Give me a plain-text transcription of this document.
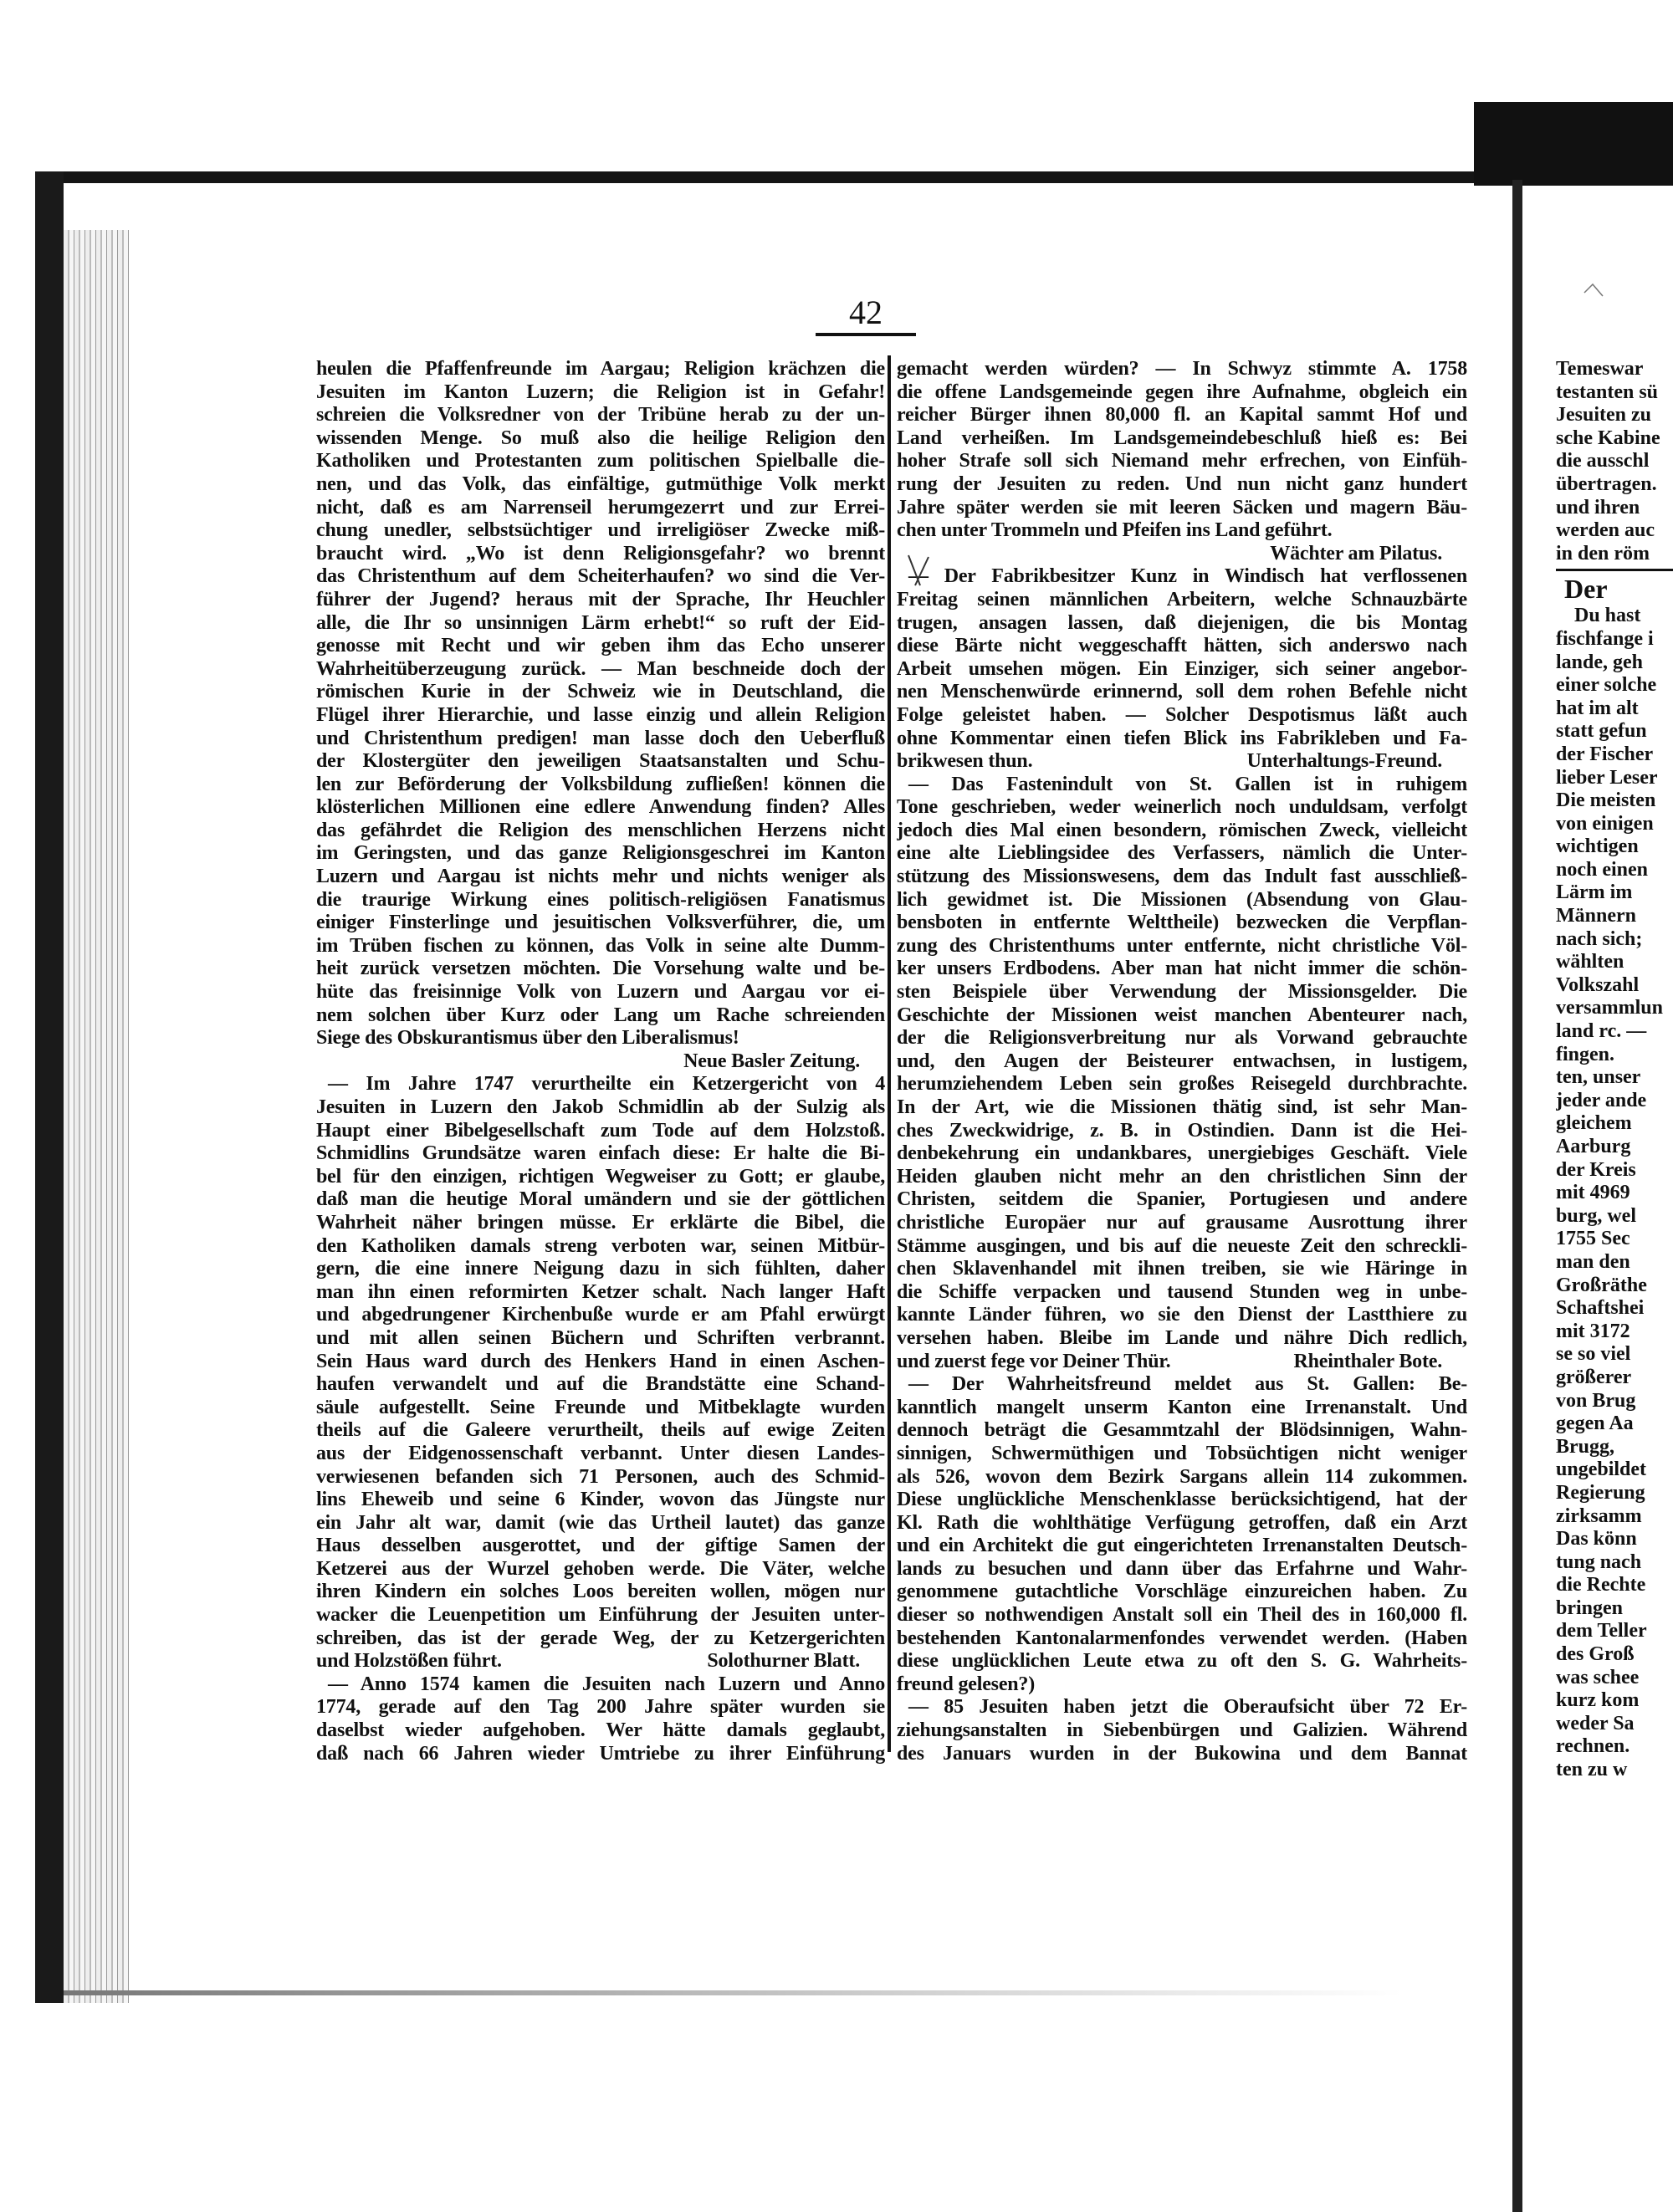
42
heulen die Pfaffenfreunde im Aargau; Religion krächzen die
Jesuiten im Kanton Luzern; die Religion ist in Gefahr!
schreien die Volksredner von der Tribüne herab zu der un-
wissenden Menge. So muß also die heilige Religion den
Katholiken und Protestanten zum politischen Spielballe die-
nen, und das Volk, das einfältige, gutmüthige Volk merkt
nicht, daß es am Narrenseil herumgezerrt und zur Errei-
chung unedler, selbstsüchtiger und irreligiöser Zwecke miß-
braucht wird. „Wo ist denn Religionsgefahr? wo brennt
das Christenthum auf dem Scheiterhaufen? wo sind die Ver-
führer der Jugend? heraus mit der Sprache, Ihr Heuchler
alle, die Ihr so unsinnigen Lärm erhebt!“ so ruft der Eid-
genosse mit Recht und wir geben ihm das Echo unserer
Wahrheitüberzeugung zurück. — Man beschneide doch der
römischen Kurie in der Schweiz wie in Deutschland, die
Flügel ihrer Hierarchie, und lasse einzig und allein Religion
und Christenthum predigen! man lasse doch den Ueberfluß
der Klostergüter den jeweiligen Staatsanstalten und Schu-
len zur Beförderung der Volksbildung zufließen! können die
klösterlichen Millionen eine edlere Anwendung finden? Alles
das gefährdet die Religion des menschlichen Herzens nicht
im Geringsten, und das ganze Religionsgeschrei im Kanton
Luzern und Aargau ist nichts mehr und nichts weniger als
die traurige Wirkung eines politisch-religiösen Fanatismus
einiger Finsterlinge und jesuitischen Volksverführer, die, um
im Trüben fischen zu können, das Volk in seine alte Dumm-
heit zurück versetzen möchten. Die Vorsehung walte und be-
hüte das freisinnige Volk von Luzern und Aargau vor ei-
nem solchen über Kurz oder Lang um Rache schreienden
Siege des Obskurantismus über den Liberalismus!
Neue Basler Zeitung.
— Im Jahre 1747 verurtheilte ein Ketzergericht von 4
Jesuiten in Luzern den Jakob Schmidlin ab der Sulzig als
Haupt einer Bibelgesellschaft zum Tode auf dem Holzstoß.
Schmidlins Grundsätze waren einfach diese: Er halte die Bi-
bel für den einzigen, richtigen Wegweiser zu Gott; er glaube,
daß man die heutige Moral umändern und sie der göttlichen
Wahrheit näher bringen müsse. Er erklärte die Bibel, die
den Katholiken damals streng verboten war, seinen Mitbür-
gern, die eine innere Neigung dazu in sich fühlten, daher
man ihn einen reformirten Ketzer schalt. Nach langer Haft
und abgedrungener Kirchenbuße wurde er am Pfahl erwürgt
und mit allen seinen Büchern und Schriften verbrannt.
Sein Haus ward durch des Henkers Hand in einen Aschen-
haufen verwandelt und auf die Brandstätte eine Schand-
säule aufgestellt. Seine Freunde und Mitbeklagte wurden
theils auf die Galeere verurtheilt, theils auf ewige Zeiten
aus der Eidgenossenschaft verbannt. Unter diesen Landes-
verwiesenen befanden sich 71 Personen, auch des Schmid-
lins Eheweib und seine 6 Kinder, wovon das Jüngste nur
ein Jahr alt war, damit (wie das Urtheil lautet) das ganze
Haus desselben ausgerottet, und der giftige Samen der
Ketzerei aus der Wurzel gehoben werde. Die Väter, welche
ihren Kindern ein solches Loos bereiten wollen, mögen nur
wacker die Leuenpetition um Einführung der Jesuiten unter-
schreiben, das ist der gerade Weg, der zu Ketzergerichten
Solothurner Blatt.
und Holzstößen führt.
— Anno 1574 kamen die Jesuiten nach Luzern und Anno
1774, gerade auf den Tag 200 Jahre später wurden sie
daselbst wieder aufgehoben. Wer hätte damals geglaubt,
daß nach 66 Jahren wieder Umtriebe zu ihrer Einführung
gemacht werden würden? — In Schwyz stimmte A. 1758
die offene Landsgemeinde gegen ihre Aufnahme, obgleich ein
reicher Bürger ihnen 80,000 fl. an Kapital sammt Hof und
Land verheißen. Im Landsgemeindebeschluß hieß es: Bei
hoher Strafe soll sich Niemand mehr erfrechen, von Einfüh-
rung der Jesuiten zu reden. Und nun nicht ganz hundert
Jahre später werden sie mit leeren Säcken und magern Bäu-
chen unter Trommeln und Pfeifen ins Land geführt.
Wächter am Pilatus.
— Der Fabrikbesitzer Kunz in Windisch hat verflossenen
Freitag seinen männlichen Arbeitern, welche Schnauzbärte
trugen, ansagen lassen, daß diejenigen, die bis Montag
diese Bärte nicht weggeschafft hätten, sich anderswo nach
Arbeit umsehen mögen. Ein Einziger, sich seiner angebor-
nen Menschenwürde erinnernd, soll dem rohen Befehle nicht
Folge geleistet haben. — Solcher Despotismus läßt auch
ohne Kommentar einen tiefen Blick ins Fabrikleben und Fa-
Unterhaltungs-Freund.
brikwesen thun.
— Das Fastenindult von St. Gallen ist in ruhigem
Tone geschrieben, weder weinerlich noch unduldsam, verfolgt
jedoch dies Mal einen besondern, römischen Zweck, vielleicht
eine alte Lieblingsidee des Verfassers, nämlich die Unter-
stützung des Missionswesens, dem das Indult fast ausschließ-
lich gewidmet ist. Die Missionen (Absendung von Glau-
bensboten in entfernte Welttheile) bezwecken die Verpflan-
zung des Christenthums unter entfernte, nicht christliche Völ-
ker unsers Erdbodens. Aber man hat nicht immer die schön-
sten Beispiele über Verwendung der Missionsgelder. Die
Geschichte der Missionen weist manchen Abenteurer nach,
der die Religionsverbreitung nur als Vorwand gebrauchte
und, den Augen der Beisteurer entwachsen, in lustigem,
herumziehendem Leben sein großes Reisegeld durchbrachte.
In der Art, wie die Missionen thätig sind, ist sehr Man-
ches Zweckwidrige, z. B. in Ostindien. Dann ist die Hei-
denbekehrung ein undankbares, unergiebiges Geschäft. Viele
Heiden glauben nicht mehr an den christlichen Sinn der
Christen, seitdem die Spanier, Portugiesen und andere
christliche Europäer nur auf grausame Ausrottung ihrer
Stämme ausgingen, und bis auf die neueste Zeit den schreckli-
chen Sklavenhandel mit ihnen treiben, sie wie Häringe in
die Schiffe verpacken und tausend Stunden weg in unbe-
kannte Länder führen, wo sie den Dienst der Lastthiere zu
versehen haben. Bleibe im Lande und nähre Dich redlich,
Rheinthaler Bote.
und zuerst fege vor Deiner Thür.
— Der Wahrheitsfreund meldet aus St. Gallen: Be-
kanntlich mangelt unserm Kanton eine Irrenanstalt. Und
dennoch beträgt die Gesammtzahl der Blödsinnigen, Wahn-
sinnigen, Schwermüthigen und Tobsüchtigen nicht weniger
als 526, wovon dem Bezirk Sargans allein 114 zukommen.
Diese unglückliche Menschenklasse berücksichtigend, hat der
Kl. Rath die wohlthätige Verfügung getroffen, daß ein Arzt
und ein Architekt die gut eingerichteten Irrenanstalten Deutsch-
lands zu besuchen und dann über das Erfahrne und Wahr-
genommene gutachtliche Vorschläge einzureichen haben. Zu
dieser so nothwendigen Anstalt soll ein Theil des in 160,000 fl.
bestehenden Kantonalarmenfondes verwendet werden. (Haben
diese unglücklichen Leute etwa zu oft den S. G. Wahrheits-
freund gelesen?)
— 85 Jesuiten haben jetzt die Oberaufsicht über 72 Er-
ziehungsanstalten in Siebenbürgen und Galizien. Während
des Januars wurden in der Bukowina und dem Bannat
Temeswar
testanten sü
Jesuiten zu
sche Kabine
die ausschl
übertragen.
und ihren
werden auc
in den röm
Der
Du hast
fischfange i
lande, geh
einer solche
hat im alt
statt gefun
der Fischer
lieber Leser
Die meisten
von einigen
wichtigen
noch einen
Lärm im
Männern
nach sich;
wählten
Volkszahl
versammlun
land rc. —
fingen.
ten, unser
jeder ande
gleichem
Aarburg
der Kreis
mit 4969
burg, wel
1755 Sec
man den
Großräthe
Schaftshei
mit 3172
se so viel
größerer
von Brug
gegen Aa
Brugg,
ungebildet
Regierung
zirksamm
Das könn
tung nach
die Rechte
bringen
dem Teller
des Groß
was schee
kurz kom
weder Sa
rechnen.
ten zu w
